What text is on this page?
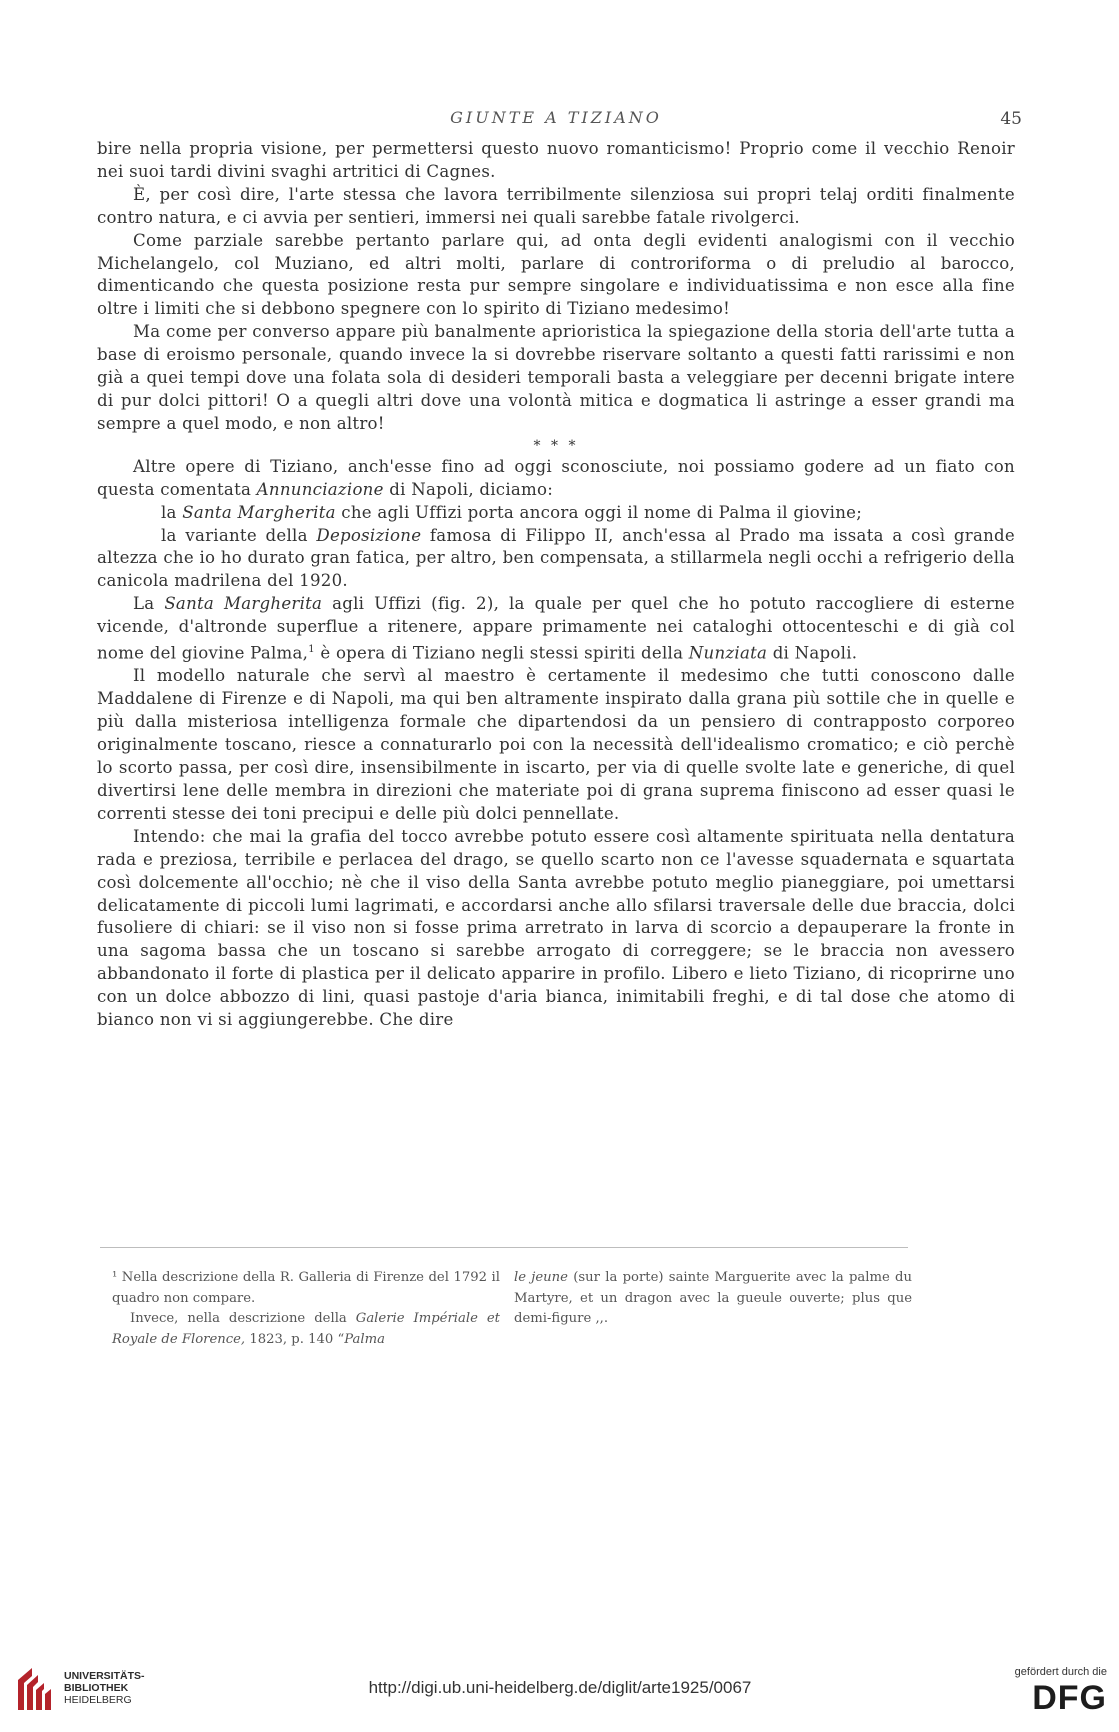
GIUNTE A TIZIANO	45

bire nella propria visione, per permettersi questo nuovo romanticismo! Proprio come il vecchio Renoir nei suoi tardi divini svaghi artritici di Cagnes.

È, per così dire, l'arte stessa che lavora terribilmente silenziosa sui propri telaj orditi finalmente contro natura, e ci avvia per sentieri, immersi nei quali sarebbe fatale rivolgerci.

Come parziale sarebbe pertanto parlare qui, ad onta degli evidenti analogismi con il vecchio Michelangelo, col Muziano, ed altri molti, parlare di controriforma o di preludio al barocco, dimenticando che questa posizione resta pur sempre singolare e individuatissima e non esce alla fine oltre i limiti che si debbono spegnere con lo spirito di Tiziano medesimo!

Ma come per converso appare più banalmente aprioristica la spiegazione della storia dell'arte tutta a base di eroismo personale, quando invece la si dovrebbe riservare soltanto a questi fatti rarissimi e non già a quei tempi dove una folata sola di desideri temporali basta a veleggiare per decenni brigate intere di pur dolci pittori! O a quegli altri dove una volontà mitica e dogmatica li astringe a esser grandi ma sempre a quel modo, e non altro!

* * *

Altre opere di Tiziano, anch'esse fino ad oggi sconosciute, noi possiamo godere ad un fiato con questa comentata Annunciazione di Napoli, diciamo:

la Santa Margherita che agli Uffizi porta ancora oggi il nome di Palma il giovine;

la variante della Deposizione famosa di Filippo II, anch'essa al Prado ma issata a così grande altezza che io ho durato gran fatica, per altro, ben compensata, a stillarmela negli occhi a refrigerio della canicola madrilena del 1920.

La Santa Margherita agli Uffizi (fig. 2), la quale per quel che ho potuto raccogliere di esterne vicende, d'altronde superflue a ritenere, appare primamente nei cataloghi ottocenteschi e di già col nome del giovine Palma,$^1$ è opera di Tiziano negli stessi spiriti della Nunziata di Napoli.

Il modello naturale che servì al maestro è certamente il medesimo che tutti conoscono dalle Maddalene di Firenze e di Napoli, ma qui ben altramente inspirato dalla grana più sottile che in quelle e più dalla misteriosa intelligenza formale che dipartendosi da un pensiero di contrapposto corporeo originalmente toscano, riesce a connaturarlo poi con la necessità dell'idealismo cromatico; e ciò perchè lo scorto passa, per così dire, insensibilmente in iscarto, per via di quelle svolte late e generiche, di quel divertirsi lene delle membra in direzioni che materiate poi di grana suprema finiscono ad esser quasi le correnti stesse dei toni precipui e delle più dolci pennellate.

Intendo: che mai la grafia del tocco avrebbe potuto essere così altamente spirituata nella dentatura rada e preziosa, terribile e perlacea del drago, se quello scarto non ce l'avesse squadernata e squartata così dolcemente all'occhio; nè che il viso della Santa avrebbe potuto meglio pianeggiare, poi umettarsi delicatamente di piccoli lumi lagrimati, e accordarsi anche allo sfilarsi traversale delle due braccia, dolci fusoliere di chiari: se il viso non si fosse prima arretrato in larva di scorcio a depauperare la fronte in una sagoma bassa che un toscano si sarebbe arrogato di correggere; se le braccia non avessero abbandonato il forte di plastica per il delicato apparire in profilo. Libero e lieto Tiziano, di ricoprirne uno con un dolce abbozzo di lini, quasi pastoje d'aria bianca, inimitabili freghi, e di tal dose che atomo di bianco non vi si aggiungerebbe. Che dire

¹ Nella descrizione della R. Galleria di Firenze del 1792 il quadro non compare.

Invece, nella descrizione della Galerie Impériale et Royale de Florence, 1823, p. 140 “Palma

le jeune (sur la porte) sainte Marguerite avec la palme du Martyre, et un dragon avec la gueule ouverte; plus que demi-figure ,,.

UNIVERSITÄTS-
BIBLIOTHEK
HEIDELBERG
http://digi.ub.uni-heidelberg.de/diglit/arte1925/0067
gefördert durch die
DFG
